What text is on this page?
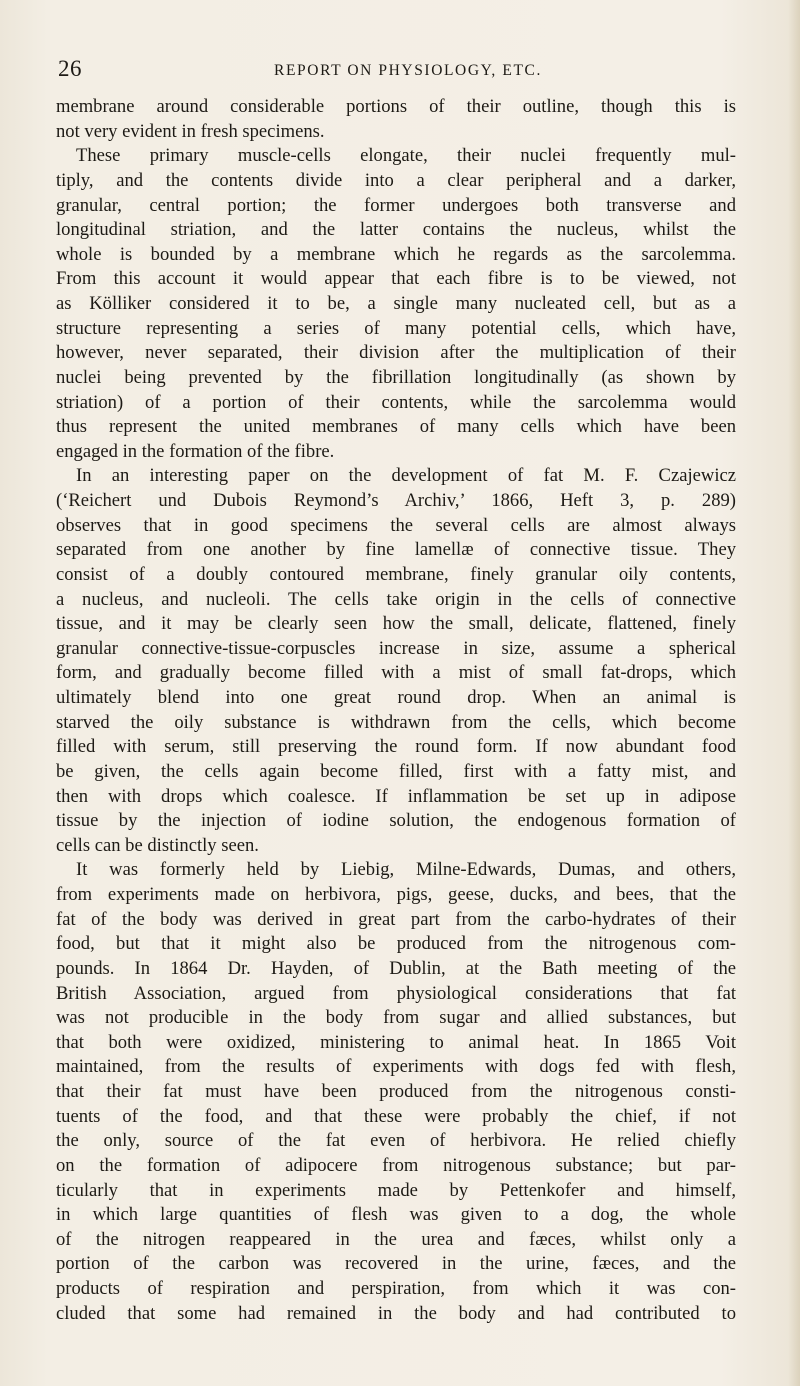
26	REPORT ON PHYSIOLOGY, ETC.

membrane around considerable portions of their outline, though this is
not very evident in fresh specimens.

These primary muscle-cells elongate, their nuclei frequently mul-
tiply, and the contents divide into a clear peripheral and a darker,
granular, central portion; the former undergoes both transverse and
longitudinal striation, and the latter contains the nucleus, whilst the
whole is bounded by a membrane which he regards as the sarcolemma.
From this account it would appear that each fibre is to be viewed, not
as Kölliker considered it to be, a single many nucleated cell, but as a
structure representing a series of many potential cells, which have,
however, never separated, their division after the multiplication of their
nuclei being prevented by the fibrillation longitudinally (as shown by
striation) of a portion of their contents, while the sarcolemma would
thus represent the united membranes of many cells which have been
engaged in the formation of the fibre.

In an interesting paper on the development of fat M. F. Czajewicz
(‘Reichert und Dubois Reymond’s Archiv,’ 1866, Heft 3, p. 289)
observes that in good specimens the several cells are almost always
separated from one another by fine lamellæ of connective tissue. They
consist of a doubly contoured membrane, finely granular oily contents,
a nucleus, and nucleoli. The cells take origin in the cells of connective
tissue, and it may be clearly seen how the small, delicate, flattened, finely
granular connective-tissue-corpuscles increase in size, assume a spherical
form, and gradually become filled with a mist of small fat-drops, which
ultimately blend into one great round drop. When an animal is
starved the oily substance is withdrawn from the cells, which become
filled with serum, still preserving the round form. If now abundant food
be given, the cells again become filled, first with a fatty mist, and
then with drops which coalesce. If inflammation be set up in adipose
tissue by the injection of iodine solution, the endogenous formation of
cells can be distinctly seen.

It was formerly held by Liebig, Milne-Edwards, Dumas, and others,
from experiments made on herbivora, pigs, geese, ducks, and bees, that the
fat of the body was derived in great part from the carbo-hydrates of their
food, but that it might also be produced from the nitrogenous com-
pounds. In 1864 Dr. Hayden, of Dublin, at the Bath meeting of the
British Association, argued from physiological considerations that fat
was not producible in the body from sugar and allied substances, but
that both were oxidized, ministering to animal heat. In 1865 Voit
maintained, from the results of experiments with dogs fed with flesh,
that their fat must have been produced from the nitrogenous consti-
tuents of the food, and that these were probably the chief, if not
the only, source of the fat even of herbivora. He relied chiefly
on the formation of adipocere from nitrogenous substance; but par-
ticularly that in experiments made by Pettenkofer and himself,
in which large quantities of flesh was given to a dog, the whole
of the nitrogen reappeared in the urea and fæces, whilst only a
portion of the carbon was recovered in the urine, fæces, and the
products of respiration and perspiration, from which it was con-
cluded that some had remained in the body and had contributed to
